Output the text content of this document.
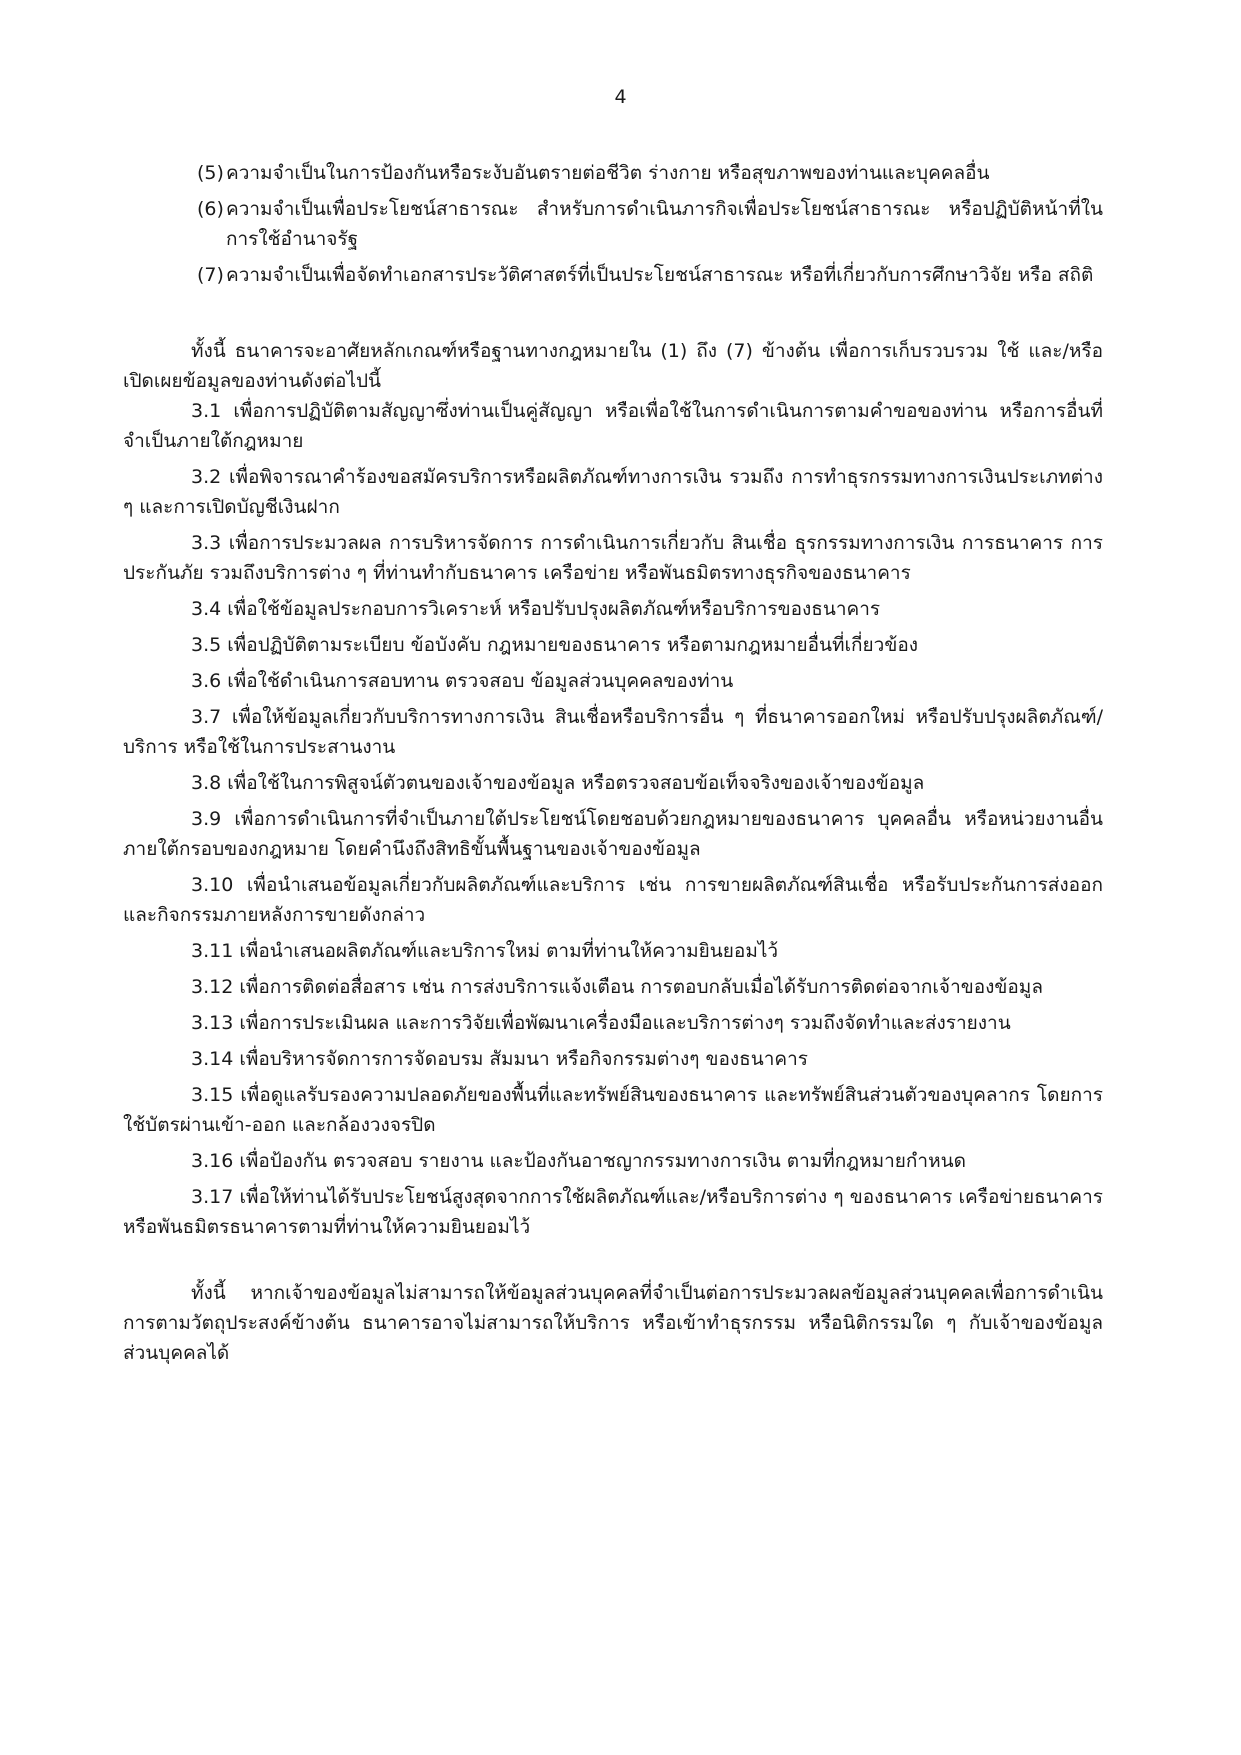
4
(5) ความจำเป็นในการป้องกันหรือระงับอันตรายต่อชีวิต ร่างกาย หรือสุขภาพของท่านและบุคคลอื่น
(6) ความจำเป็นเพื่อประโยชน์สาธารณะ สำหรับการดำเนินภารกิจเพื่อประโยชน์สาธารณะ หรือปฏิบัติหน้าที่ในการใช้อำนาจรัฐ
(7) ความจำเป็นเพื่อจัดทำเอกสารประวัติศาสตร์ที่เป็นประโยชน์สาธารณะ หรือที่เกี่ยวกับการศึกษาวิจัย หรือ สถิติ

ทั้งนี้ ธนาคารจะอาศัยหลักเกณฑ์หรือฐานทางกฎหมายใน (1) ถึง (7) ข้างต้น เพื่อการเก็บรวบรวม ใช้ และ/หรือเปิดเผยข้อมูลของท่านดังต่อไปนี้

3.1 เพื่อการปฏิบัติตามสัญญาซึ่งท่านเป็นคู่สัญญา หรือเพื่อใช้ในการดำเนินการตามคำขอของท่าน หรือการอื่นที่จำเป็นภายใต้กฎหมาย

3.2 เพื่อพิจารณาคำร้องขอสมัครบริการหรือผลิตภัณฑ์ทางการเงิน รวมถึง การทำธุรกรรมทางการเงินประเภทต่าง ๆ และการเปิดบัญชีเงินฝาก

3.3 เพื่อการประมวลผล การบริหารจัดการ การดำเนินการเกี่ยวกับ สินเชื่อ ธุรกรรมทางการเงิน การธนาคาร การประกันภัย รวมถึงบริการต่าง ๆ ที่ท่านทำกับธนาคาร เครือข่าย หรือพันธมิตรทางธุรกิจของธนาคาร

3.4 เพื่อใช้ข้อมูลประกอบการวิเคราะห์ หรือปรับปรุงผลิตภัณฑ์หรือบริการของธนาคาร

3.5 เพื่อปฏิบัติตามระเบียบ ข้อบังคับ กฎหมายของธนาคาร หรือตามกฎหมายอื่นที่เกี่ยวข้อง

3.6 เพื่อใช้ดำเนินการสอบทาน ตรวจสอบ ข้อมูลส่วนบุคคลของท่าน

3.7 เพื่อให้ข้อมูลเกี่ยวกับบริการทางการเงิน สินเชื่อหรือบริการอื่น ๆ ที่ธนาคารออกใหม่ หรือปรับปรุงผลิตภัณฑ์/บริการ หรือใช้ในการประสานงาน

3.8 เพื่อใช้ในการพิสูจน์ตัวตนของเจ้าของข้อมูล หรือตรวจสอบข้อเท็จจริงของเจ้าของข้อมูล

3.9 เพื่อการดำเนินการที่จำเป็นภายใต้ประโยชน์โดยชอบด้วยกฎหมายของธนาคาร บุคคลอื่น หรือหน่วยงานอื่นภายใต้กรอบของกฎหมาย โดยคำนึงถึงสิทธิขั้นพื้นฐานของเจ้าของข้อมูล

3.10 เพื่อนำเสนอข้อมูลเกี่ยวกับผลิตภัณฑ์และบริการ เช่น การขายผลิตภัณฑ์สินเชื่อ หรือรับประกันการส่งออก และกิจกรรมภายหลังการขายดังกล่าว

3.11 เพื่อนำเสนอผลิตภัณฑ์และบริการใหม่ ตามที่ท่านให้ความยินยอมไว้

3.12 เพื่อการติดต่อสื่อสาร เช่น การส่งบริการแจ้งเตือน การตอบกลับเมื่อได้รับการติดต่อจากเจ้าของข้อมูล

3.13 เพื่อการประเมินผล และการวิจัยเพื่อพัฒนาเครื่องมือและบริการต่างๆ รวมถึงจัดทำและส่งรายงาน

3.14 เพื่อบริหารจัดการการจัดอบรม สัมมนา หรือกิจกรรมต่างๆ ของธนาคาร

3.15 เพื่อดูแลรับรองความปลอดภัยของพื้นที่และทรัพย์สินของธนาคาร และทรัพย์สินส่วนตัวของบุคลากร โดยการใช้บัตรผ่านเข้า-ออก และกล้องวงจรปิด

3.16 เพื่อป้องกัน ตรวจสอบ รายงาน และป้องกันอาชญากรรมทางการเงิน ตามที่กฎหมายกำหนด

3.17 เพื่อให้ท่านได้รับประโยชน์สูงสุดจากการใช้ผลิตภัณฑ์และ/หรือบริการต่าง ๆ ของธนาคาร เครือข่ายธนาคาร หรือพันธมิตรธนาคารตามที่ท่านให้ความยินยอมไว้

ทั้งนี้ หากเจ้าของข้อมูลไม่สามารถให้ข้อมูลส่วนบุคคลที่จำเป็นต่อการประมวลผลข้อมูลส่วนบุคคลเพื่อการดำเนินการตามวัตถุประสงค์ข้างต้น ธนาคารอาจไม่สามารถให้บริการ หรือเข้าทำธุรกรรม หรือนิติกรรมใด ๆ กับเจ้าของข้อมูลส่วนบุคคลได้
